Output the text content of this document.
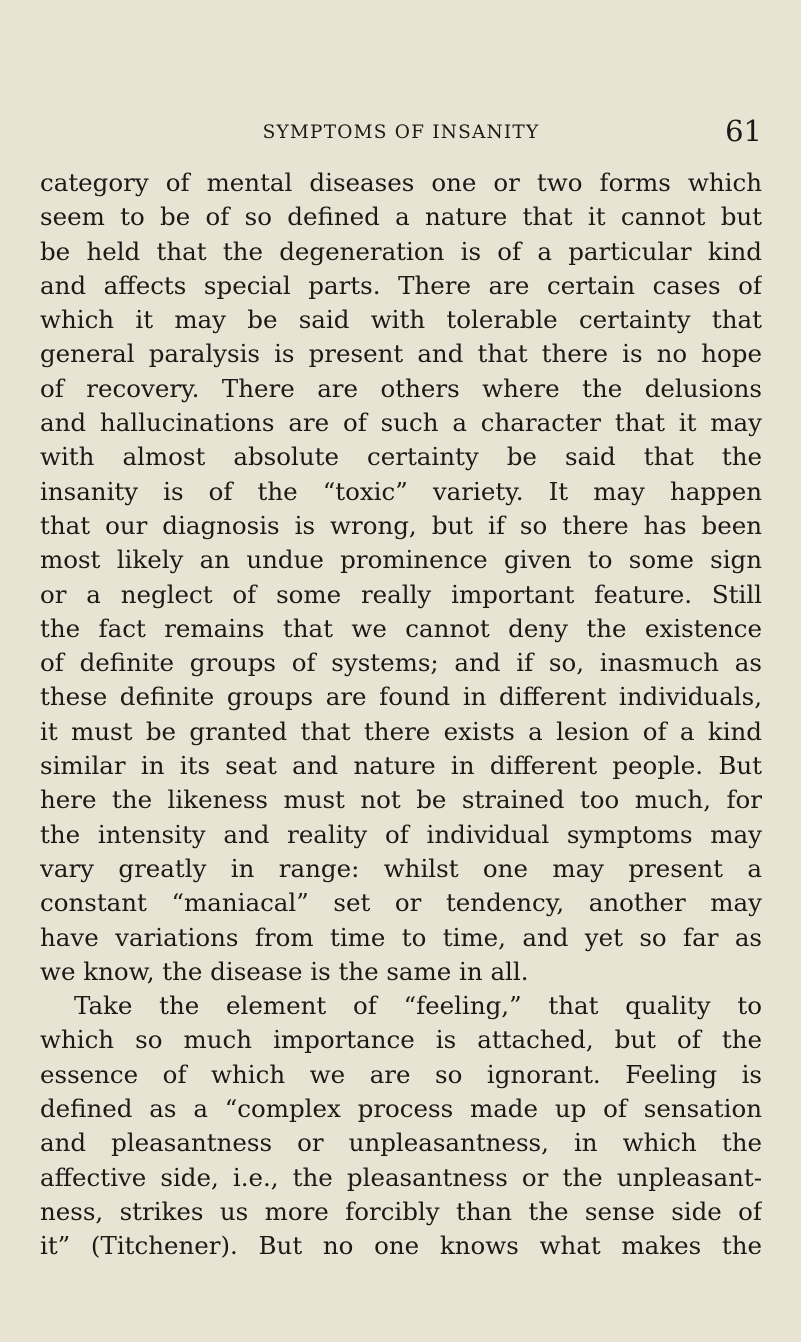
SYMPTOMS OF INSANITY	61
category of mental diseases one or two forms which
seem to be of so defined a nature that it cannot but
be held that the degeneration is of a particular kind
and affects special parts. There are certain cases of
which it may be said with tolerable certainty that
general paralysis is present and that there is no hope
of recovery. There are others where the delusions
and hallucinations are of such a character that it may
with almost absolute certainty be said that the
insanity is of the “toxic” variety. It may happen
that our diagnosis is wrong, but if so there has been
most likely an undue prominence given to some sign
or a neglect of some really important feature. Still
the fact remains that we cannot deny the existence
of definite groups of systems; and if so, inasmuch as
these definite groups are found in different individuals,
it must be granted that there exists a lesion of a kind
similar in its seat and nature in different people. But
here the likeness must not be strained too much, for
the intensity and reality of individual symptoms may
vary greatly in range: whilst one may present a
constant “maniacal” set or tendency, another may
have variations from time to time, and yet so far as
we know, the disease is the same in all.
Take the element of “feeling,” that quality to
which so much importance is attached, but of the
essence of which we are so ignorant. Feeling is
defined as a “complex process made up of sensation
and pleasantness or unpleasantness, in which the
affective side, i.e., the pleasantness or the unpleasant-
ness, strikes us more forcibly than the sense side of
it” (Titchener). But no one knows what makes the
